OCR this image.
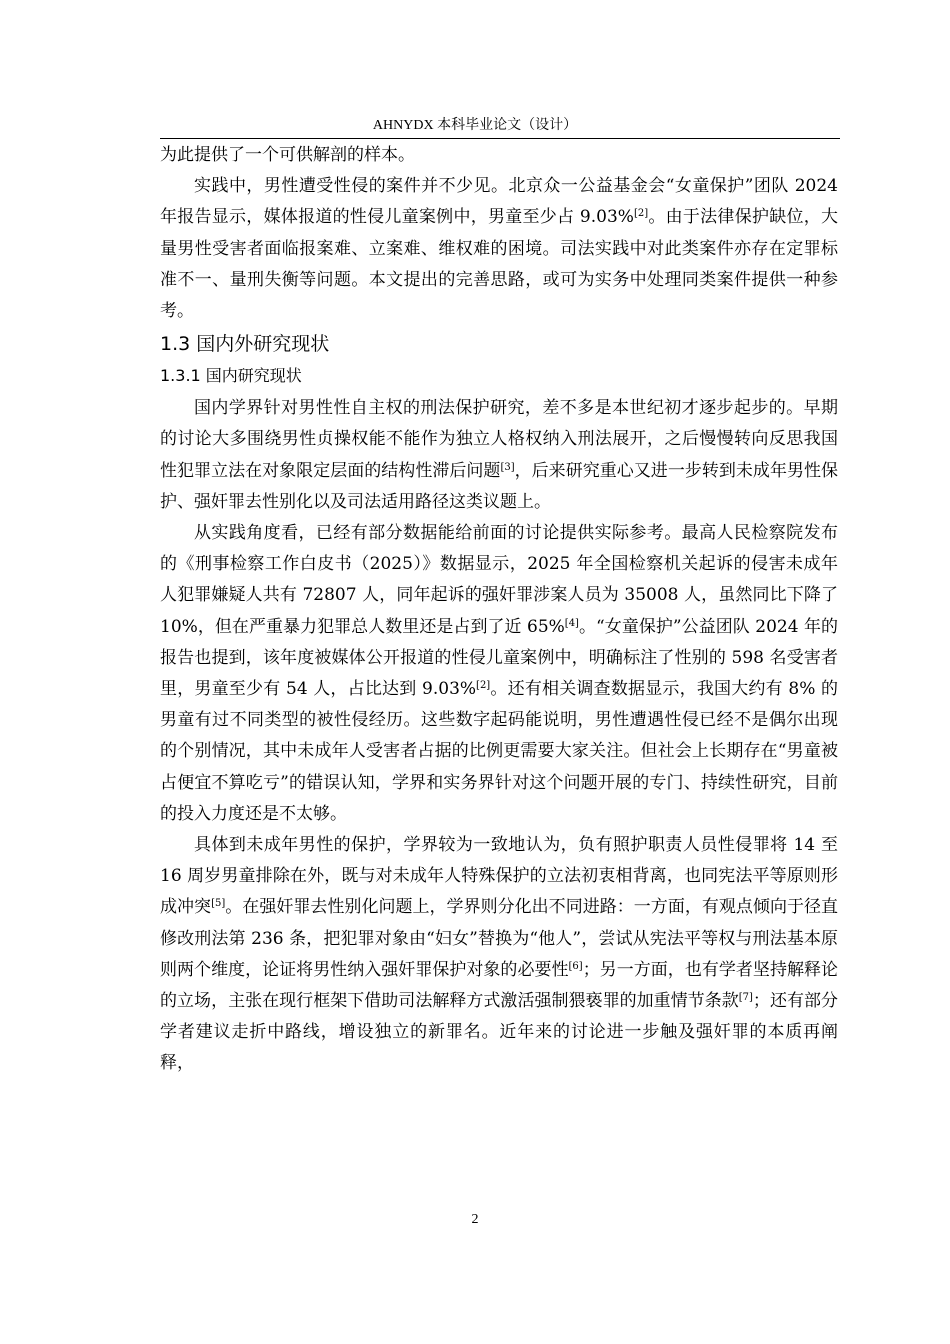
AHNYDX 本科毕业论文（设计）

为此提供了一个可供解剖的样本。

实践中，男性遭受性侵的案件并不少见。北京众一公益基金会“女童保护”团队 2024 年报告显示，媒体报道的性侵儿童案例中，男童至少占 9.03%[2]。由于法律保护缺位，大量男性受害者面临报案难、立案难、维权难的困境。司法实践中对此类案件亦存在定罪标准不一、量刑失衡等问题。本文提出的完善思路，或可为实务中处理同类案件提供一种参考。

1.3 国内外研究现状
1.3.1 国内研究现状

国内学界针对男性性自主权的刑法保护研究，差不多是本世纪初才逐步起步的。早期的讨论大多围绕男性贞操权能不能作为独立人格权纳入刑法展开，之后慢慢转向反思我国性犯罪立法在对象限定层面的结构性滞后问题[3]，后来研究重心又进一步转到未成年男性保护、强奸罪去性别化以及司法适用路径这类议题上。

从实践角度看，已经有部分数据能给前面的讨论提供实际参考。最高人民检察院发布的《刑事检察工作白皮书（2025）》数据显示，2025 年全国检察机关起诉的侵害未成年人犯罪嫌疑人共有 72807 人，同年起诉的强奸罪涉案人员为 35008 人，虽然同比下降了 10%，但在严重暴力犯罪总人数里还是占到了近 65%[4]。“女童保护”公益团队 2024 年的报告也提到，该年度被媒体公开报道的性侵儿童案例中，明确标注了性别的 598 名受害者里，男童至少有 54 人，占比达到 9.03%[2]。还有相关调查数据显示，我国大约有 8% 的男童有过不同类型的被性侵经历。这些数字起码能说明，男性遭遇性侵已经不是偶尔出现的个别情况，其中未成年人受害者占据的比例更需要大家关注。但社会上长期存在“男童被占便宜不算吃亏”的错误认知，学界和实务界针对这个问题开展的专门、持续性研究，目前的投入力度还是不太够。

具体到未成年男性的保护，学界较为一致地认为，负有照护职责人员性侵罪将 14 至 16 周岁男童排除在外，既与对未成年人特殊保护的立法初衷相背离，也同宪法平等原则形成冲突[5]。在强奸罪去性别化问题上，学界则分化出不同进路：一方面，有观点倾向于径直修改刑法第 236 条，把犯罪对象由“妇女”替换为“他人”，尝试从宪法平等权与刑法基本原则两个维度，论证将男性纳入强奸罪保护对象的必要性[6]；另一方面，也有学者坚持解释论的立场，主张在现行框架下借助司法解释方式激活强制猥亵罪的加重情节条款[7]；还有部分学者建议走折中路线，增设独立的新罪名。近年来的讨论进一步触及强奸罪的本质再阐释，

2
